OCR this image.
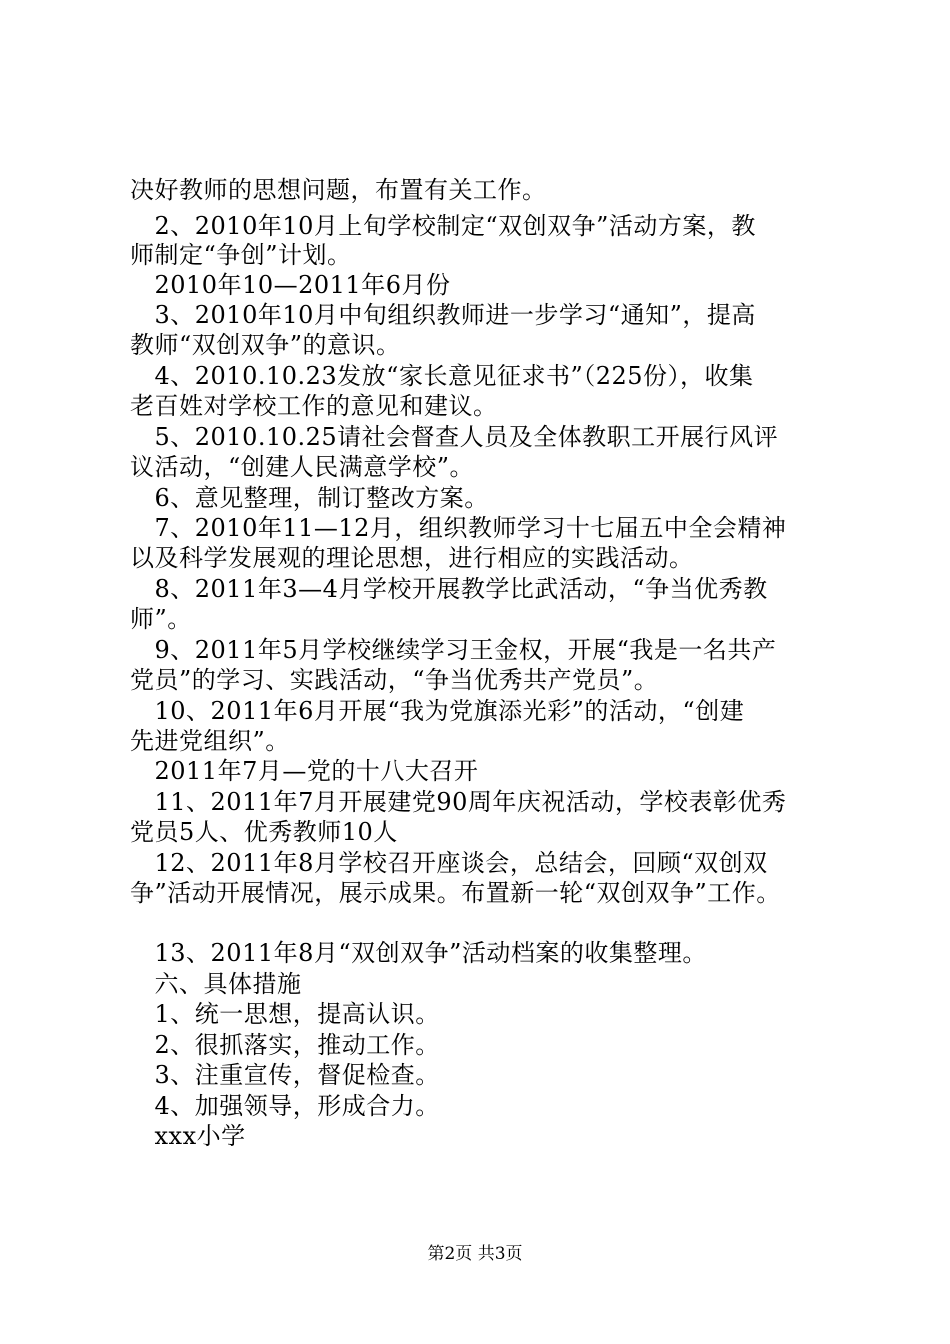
决好教师的思想问题，布置有关工作。
　2、2010年10月上旬学校制定“双创双争”活动方案，教
师制定“争创”计划。
　2010年10—2011年6月份
　3、2010年10月中旬组织教师进一步学习“通知”，提高
教师“双创双争”的意识。
　4、2010.10.23发放“家长意见征求书”（225份），收集
老百姓对学校工作的意见和建议。
　5、2010.10.25请社会督查人员及全体教职工开展行风评
议活动，“创建人民满意学校”。
　6、意见整理，制订整改方案。
　7、2010年11—12月，组织教师学习十七届五中全会精神
以及科学发展观的理论思想，进行相应的实践活动。
　8、2011年3—4月学校开展教学比武活动，“争当优秀教
师”。
　9、2011年5月学校继续学习王金权，开展“我是一名共产
党员”的学习、实践活动，“争当优秀共产党员”。
　10、2011年6月开展“我为党旗添光彩”的活动，“创建
先进党组织”。
　2011年7月—党的十八大召开
　11、2011年7月开展建党90周年庆祝活动，学校表彰优秀
党员5人、优秀教师10人
　12、2011年8月学校召开座谈会，总结会，回顾“双创双
争”活动开展情况，展示成果。布置新一轮“双创双争”工作。
　13、2011年8月“双创双争”活动档案的收集整理。
　六、具体措施
　1、统一思想，提高认识。
　2、很抓落实，推动工作。
　3、注重宣传，督促检查。
　4、加强领导，形成合力。
　xxx小学
第2页 共3页
